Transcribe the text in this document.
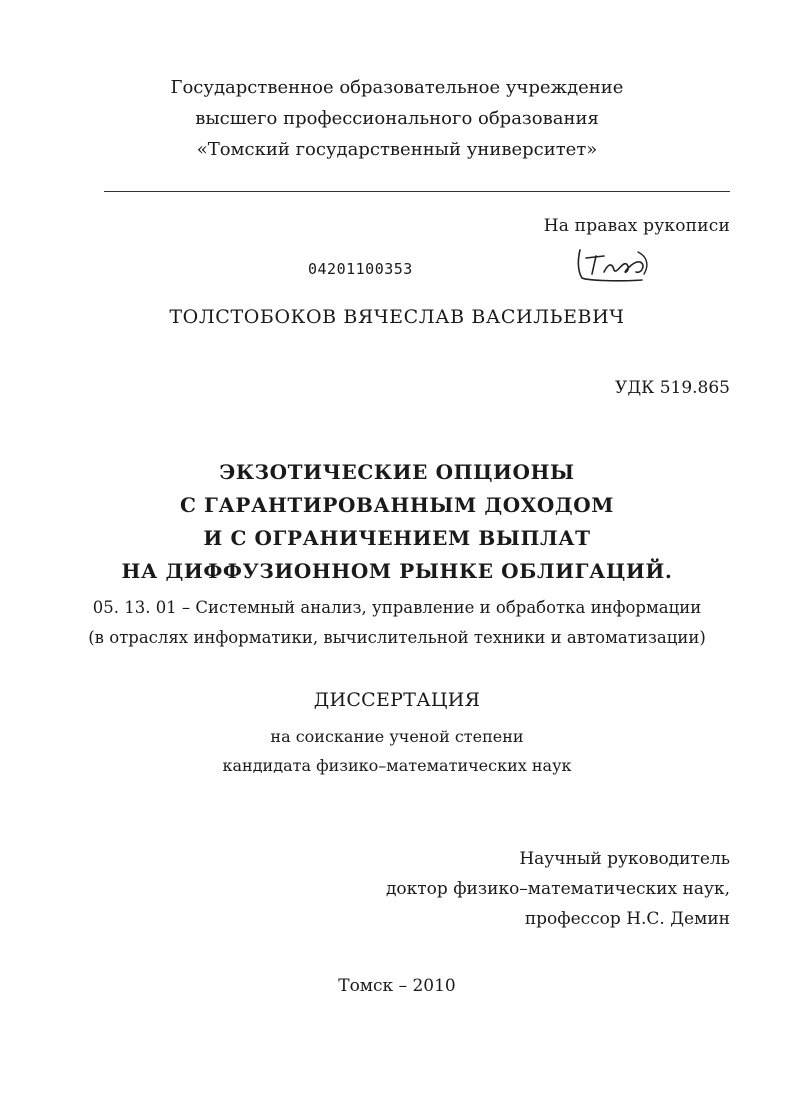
Государственное образовательное учреждение
высшего профессионального образования
«Томский государственный университет»
На правах рукописи
04201100353
ТОЛСТОБОКОВ ВЯЧЕСЛАВ ВАСИЛЬЕВИЧ
УДК 519.865
ЭКЗОТИЧЕСКИЕ ОПЦИОНЫ
С ГАРАНТИРОВАННЫМ ДОХОДОМ
И С ОГРАНИЧЕНИЕМ ВЫПЛАТ
НА ДИФФУЗИОННОМ РЫНКЕ ОБЛИГАЦИЙ.
05. 13. 01 – Системный анализ, управление и обработка информации
(в отраслях информатики, вычислительной техники и автоматизации)
ДИССЕРТАЦИЯ
на соискание ученой степени
кандидата физико–математических наук
Научный руководитель
доктор физико–математических наук,
профессор Н.С. Демин
Томск – 2010
